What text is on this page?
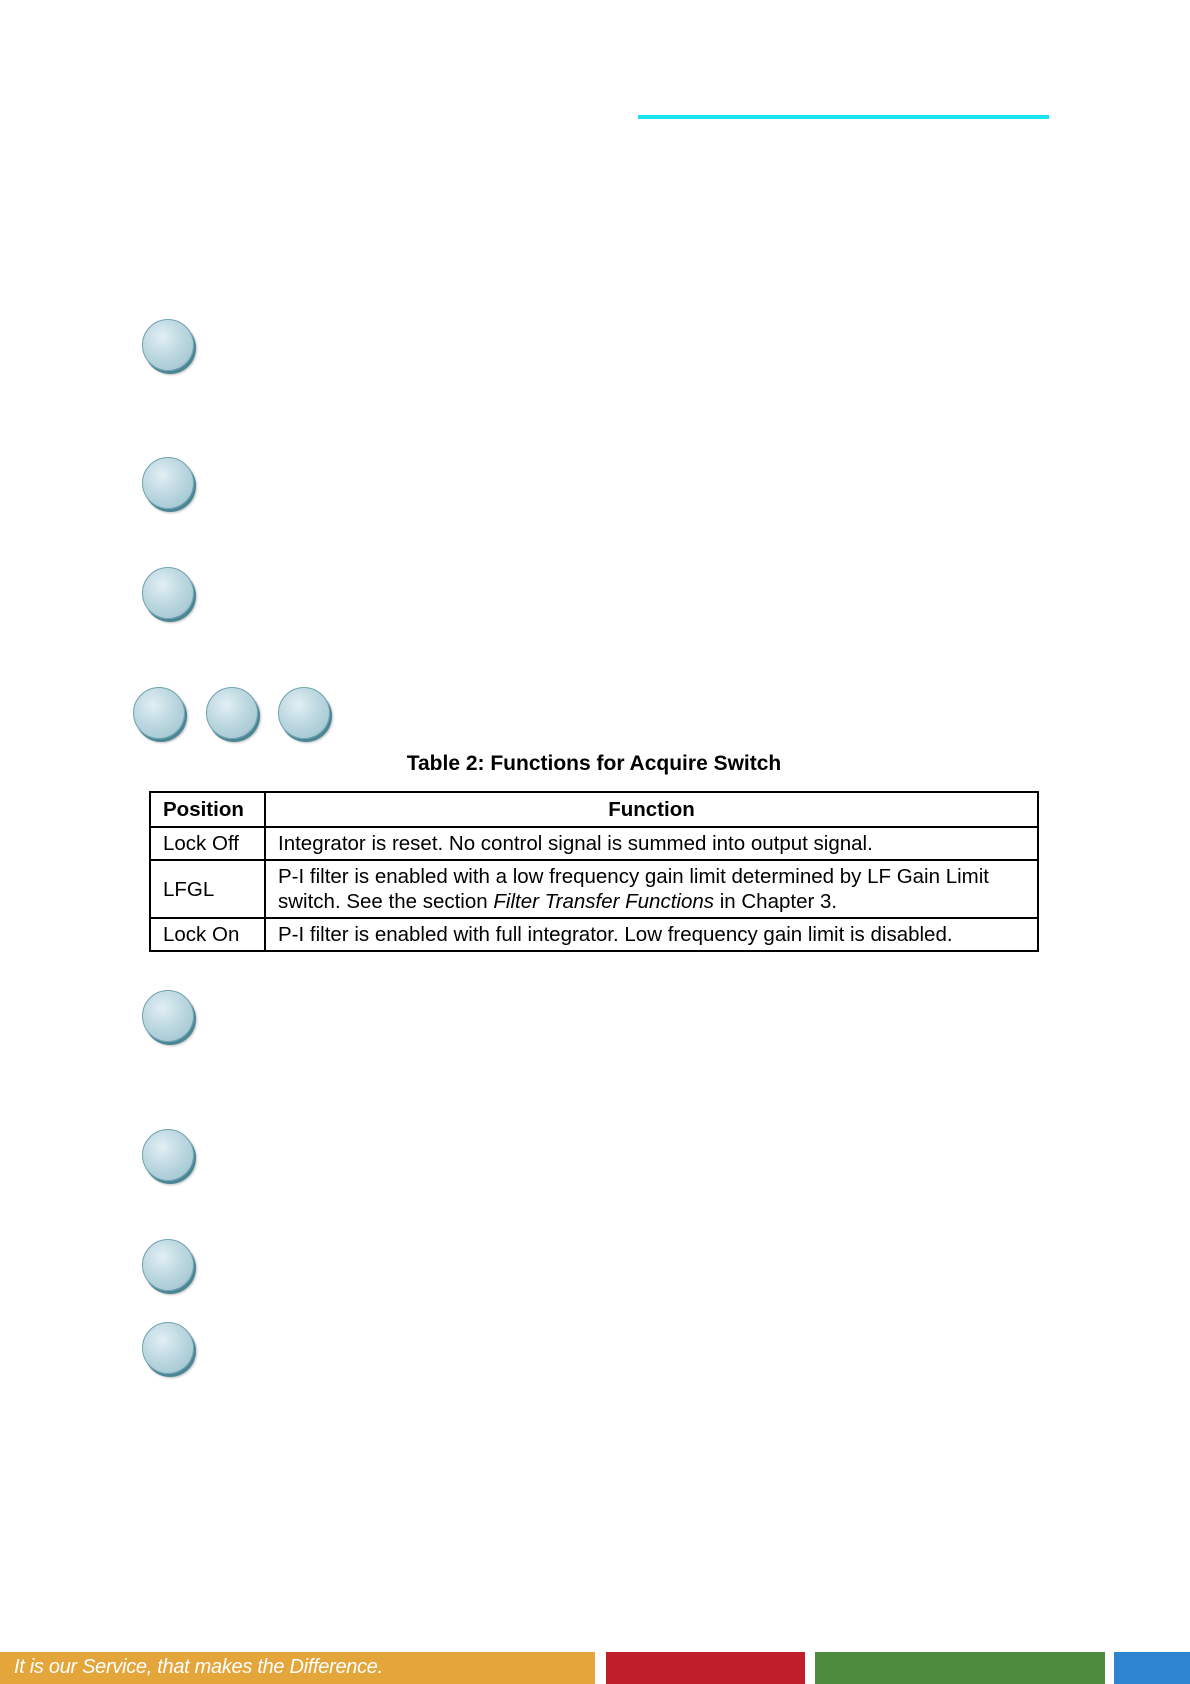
Table 2: Functions for Acquire Switch
Position	Function
Lock Off	Integrator is reset. No control signal is summed into output signal.
LFGL	P-I filter is enabled with a low frequency gain limit determined by LF Gain Limit switch. See the section Filter Transfer Functions in Chapter 3.
Lock On	P-I filter is enabled with full integrator. Low frequency gain limit is disabled.
It is our Service, that makes the Difference.
